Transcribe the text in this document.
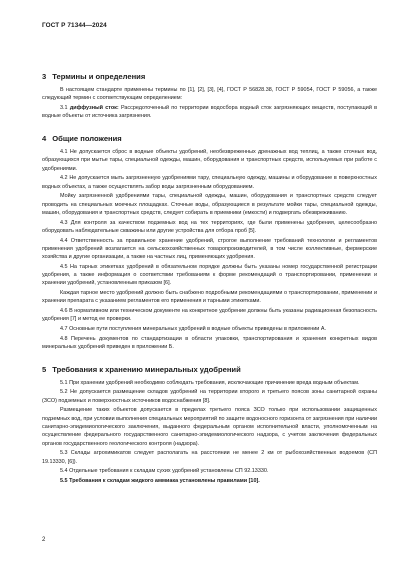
ГОСТ Р 71344—2024
3 Термины и определения

В настоящем стандарте применены термины по [1], [2], [3], [4], ГОСТ Р 56828.38, ГОСТ Р 59054, ГОСТ Р 59056, а также следующий термин с соответствующим определением:

3.1 диффузный сток: Рассредоточенный по территории водосбора водный сток загрязняющих веществ, поступающий в водные объекты от источника загрязнения.

4 Общие положения

4.1 Не допускается сброс в водные объекты удобрений, необезвреженных дренажных вод теплиц, а также сточных вод, образующихся при мытье тары, специальной одежды, машин, оборудования и транспортных средств, используемых при работе с удобрениями.

4.2 Не допускается мыть загрязненную удобрениями тару, специальную одежду, машины и оборудование в поверхностных водных объектах, а также осуществлять забор воды загрязненным оборудованием.

Мойку загрязненной удобрениями тары, специальной одежды, машин, оборудования и транспортных средств следует проводить на специальных моечных площадках. Сточные воды, образующиеся в результате мойки тары, специальной одежды, машин, оборудования и транспортных средств, следует собирать в приемники (емкости) и подвергать обезвреживанию.

4.3 Для контроля за качеством подземных вод на тех территориях, где были применены удобрения, целесообразно оборудовать наблюдательные скважины или другие устройства для отбора проб [5].

4.4 Ответственность за правильное хранение удобрений, строгое выполнение требований технологии и регламентов применения удобрений возлагается на сельскохозяйственных товаропроизводителей, в том числе коллективные, фермерские хозяйства и другие организации, а также на частных лиц, применяющих удобрения.

4.5 На тарных этикетках удобрений в обязательном порядке должны быть указаны номер государственной регистрации удобрения, а также информация о соответствии требованиям к форме рекомендаций о транспортировании, применении и хранении удобрений, установленным приказом [6].

Каждая тарное место удобрений должно быть снабжено подробными рекомендациями о транспортировании, применении и хранении препарата с указанием регламентов его применения и тарными этикетками.

4.6 В нормативном или техническом документе на конкретное удобрение должны быть указаны радиационная безопасность удобрения [7] и метод ее проверки.

4.7 Основные пути поступления минеральных удобрений в водные объекты приведены в приложении А.

4.8 Перечень документов по стандартизации в области упаковки, транспортирования и хранения конкретных видов минеральных удобрений приведен в приложении Б.

5 Требования к хранению минеральных удобрений

5.1 При хранении удобрений необходимо соблюдать требования, исключающие причинение вреда водным объектам.

5.2 Не допускается размещение складов удобрений на территории второго и третьего поясов зоны санитарной охраны (ЗСО) подземных и поверхностных источников водоснабжения [8].

Размещение таких объектов допускается в пределах третьего пояса ЗСО только при использовании защищенных подземных вод, при условии выполнения специальных мероприятий по защите водоносного горизонта от загрязнения при наличии санитарно-эпидемиологического заключения, выданного федеральным органом исполнительной власти, уполномоченным на осуществление федерального государственного санитарно-эпидемиологического надзора, с учетом заключения федеральных органов государственного геологического контроля (надзора).

5.3 Склады агрохимикатов следует располагать на расстоянии не менее 2 км от рыбохозяйственных водоемов (СП 19.13330, [6]).

5.4 Отдельные требования к складам сухих удобрений установлены СП 92.13330.

5.5 Требования к складам жидкого аммиака установлены правилами [10].

2
